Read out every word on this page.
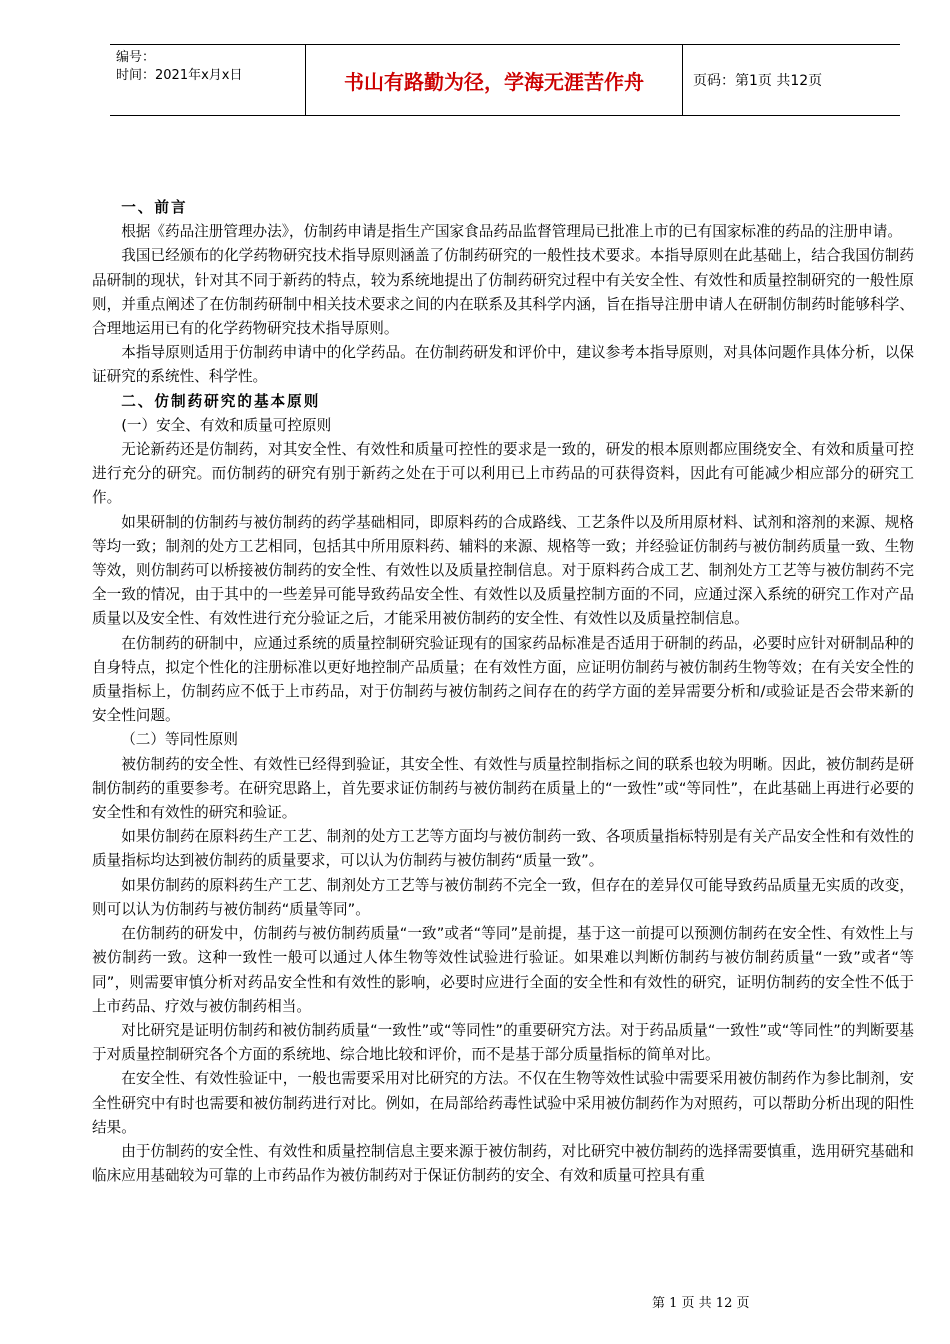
编号：
时间：2021年x月x日	书山有路勤为径，学海无涯苦作舟	页码：第1页 共12页
一、前言

根据《药品注册管理办法》，仿制药申请是指生产国家食品药品监督管理局已批准上市的已有国家标准的药品的注册申请。

我国已经颁布的化学药物研究技术指导原则涵盖了仿制药研究的一般性技术要求。本指导原则在此基础上，结合我国仿制药品研制的现状，针对其不同于新药的特点，较为系统地提出了仿制药研究过程中有关安全性、有效性和质量控制研究的一般性原则，并重点阐述了在仿制药研制中相关技术要求之间的内在联系及其科学内涵，旨在指导注册申请人在研制仿制药时能够科学、合理地运用已有的化学药物研究技术指导原则。

本指导原则适用于仿制药申请中的化学药品。在仿制药研发和评价中，建议参考本指导原则，对具体问题作具体分析，以保证研究的系统性、科学性。

二、仿制药研究的基本原则
(一）安全、有效和质量可控原则

无论新药还是仿制药，对其安全性、有效性和质量可控性的要求是一致的，研发的根本原则都应围绕安全、有效和质量可控进行充分的研究。而仿制药的研究有别于新药之处在于可以利用已上市药品的可获得资料，因此有可能减少相应部分的研究工作。

如果研制的仿制药与被仿制药的药学基础相同，即原料药的合成路线、工艺条件以及所用原材料、试剂和溶剂的来源、规格等均一致；制剂的处方工艺相同，包括其中所用原料药、辅料的来源、规格等一致；并经验证仿制药与被仿制药质量一致、生物等效，则仿制药可以桥接被仿制药的安全性、有效性以及质量控制信息。对于原料药合成工艺、制剂处方工艺等与被仿制药不完全一致的情况，由于其中的一些差异可能导致药品安全性、有效性以及质量控制方面的不同，应通过深入系统的研究工作对产品质量以及安全性、有效性进行充分验证之后，才能采用被仿制药的安全性、有效性以及质量控制信息。

在仿制药的研制中，应通过系统的质量控制研究验证现有的国家药品标准是否适用于研制的药品，必要时应针对研制品种的自身特点，拟定个性化的注册标准以更好地控制产品质量；在有效性方面，应证明仿制药与被仿制药生物等效；在有关安全性的质量指标上，仿制药应不低于上市药品，对于仿制药与被仿制药之间存在的药学方面的差异需要分析和/或验证是否会带来新的安全性问题。

（二）等同性原则

被仿制药的安全性、有效性已经得到验证，其安全性、有效性与质量控制指标之间的联系也较为明晰。因此，被仿制药是研制仿制药的重要参考。在研究思路上，首先要求证仿制药与被仿制药在质量上的“一致性”或“等同性”，在此基础上再进行必要的安全性和有效性的研究和验证。

如果仿制药在原料药生产工艺、制剂的处方工艺等方面均与被仿制药一致、各项质量指标特别是有关产品安全性和有效性的质量指标均达到被仿制药的质量要求，可以认为仿制药与被仿制药“质量一致”。

如果仿制药的原料药生产工艺、制剂处方工艺等与被仿制药不完全一致，但存在的差异仅可能导致药品质量无实质的改变，则可以认为仿制药与被仿制药“质量等同”。

在仿制药的研发中，仿制药与被仿制药质量“一致”或者“等同”是前提，基于这一前提可以预测仿制药在安全性、有效性上与被仿制药一致。这种一致性一般可以通过人体生物等效性试验进行验证。如果难以判断仿制药与被仿制药质量“一致”或者“等同”，则需要审慎分析对药品安全性和有效性的影响，必要时应进行全面的安全性和有效性的研究，证明仿制药的安全性不低于上市药品、疗效与被仿制药相当。

对比研究是证明仿制药和被仿制药质量“一致性”或“等同性”的重要研究方法。对于药品质量“一致性”或“等同性”的判断要基于对质量控制研究各个方面的系统地、综合地比较和评价，而不是基于部分质量指标的简单对比。

在安全性、有效性验证中，一般也需要采用对比研究的方法。不仅在生物等效性试验中需要采用被仿制药作为参比制剂，安全性研究中有时也需要和被仿制药进行对比。例如，在局部给药毒性试验中采用被仿制药作为对照药，可以帮助分析出现的阳性结果。

由于仿制药的安全性、有效性和质量控制信息主要来源于被仿制药，对比研究中被仿制药的选择需要慎重，选用研究基础和临床应用基础较为可靠的上市药品作为被仿制药对于保证仿制药的安全、有效和质量可控具有重

第 1 页 共 12 页
